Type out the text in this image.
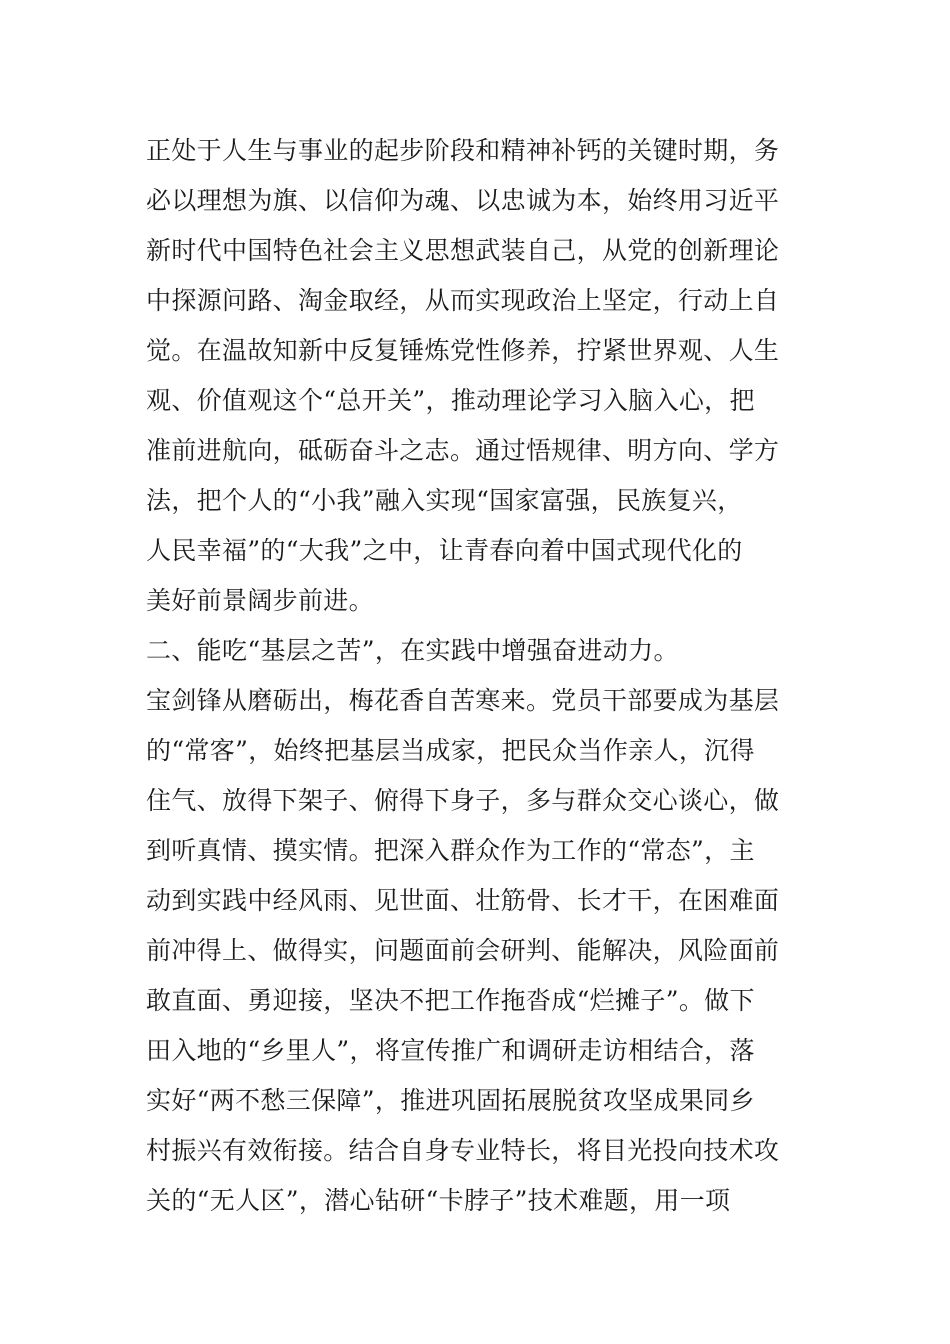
正处于人生与事业的起步阶段和精神补钙的关键时期，务
必以理想为旗、以信仰为魂、以忠诚为本，始终用习近平
新时代中国特色社会主义思想武装自己，从党的创新理论
中探源问路、淘金取经，从而实现政治上坚定，行动上自
觉。在温故知新中反复锤炼党性修养，拧紧世界观、人生
观、价值观这个“总开关”，推动理论学习入脑入心，把
准前进航向，砥砺奋斗之志。通过悟规律、明方向、学方
法，把个人的“小我”融入实现“国家富强，民族复兴，
人民幸福”的“大我”之中，让青春向着中国式现代化的
美好前景阔步前进。
二、能吃“基层之苦”，在实践中增强奋进动力。
宝剑锋从磨砺出，梅花香自苦寒来。党员干部要成为基层
的“常客”，始终把基层当成家，把民众当作亲人，沉得
住气、放得下架子、俯得下身子，多与群众交心谈心，做
到听真情、摸实情。把深入群众作为工作的“常态”，主
动到实践中经风雨、见世面、壮筋骨、长才干，在困难面
前冲得上、做得实，问题面前会研判、能解决，风险面前
敢直面、勇迎接，坚决不把工作拖沓成“烂摊子”。做下
田入地的“乡里人”，将宣传推广和调研走访相结合，落
实好“两不愁三保障”，推进巩固拓展脱贫攻坚成果同乡
村振兴有效衔接。结合自身专业特长，将目光投向技术攻
关的“无人区”，潜心钻研“卡脖子”技术难题，用一项
